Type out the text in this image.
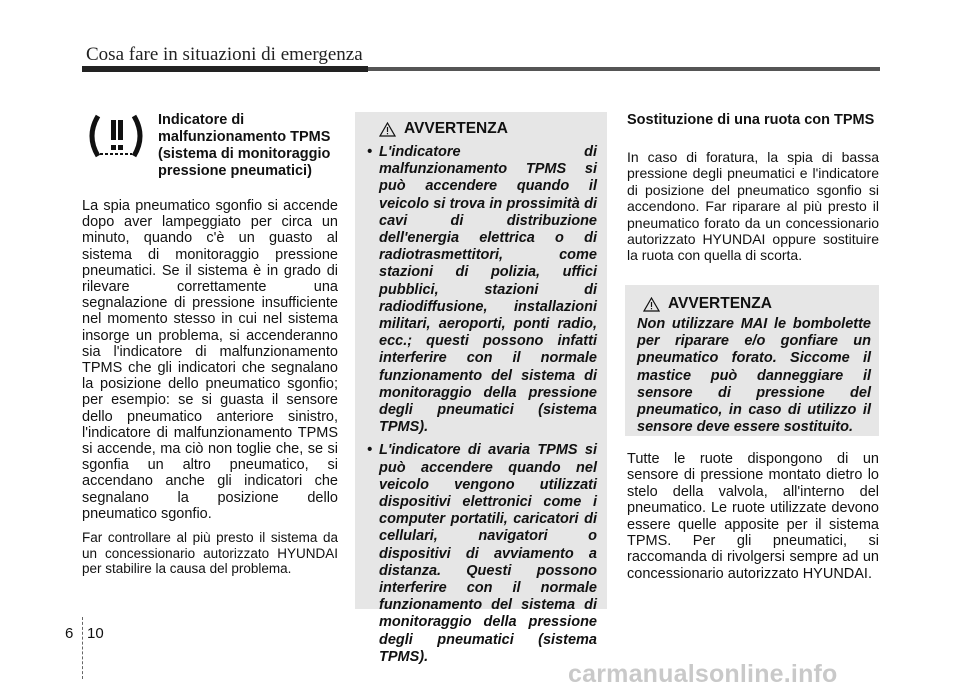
Cosa fare in situazioni di emergenza
Indicatore di malfunzionamento TPMS (sistema di monitoraggio pressione pneumatici)

La spia pneumatico sgonfio si accende dopo aver lampeggiato per circa un minuto, quando c'è un guasto al sistema di monitoraggio pressione pneumatici. Se il sistema è in grado di rilevare correttamente una segnalazione di pressione insufficiente nel momento stesso in cui nel sistema insorge un problema, si accenderanno sia l'indicatore di malfunzionamento TPMS che gli indicatori che segnalano la posizione dello pneumatico sgonfio; per esempio: se si guasta il sensore dello pneumatico anteriore sinistro, l'indicatore di malfunzionamento TPMS si accende, ma ciò non toglie che, se si sgonfia un altro pneumatico, si accendano anche gli indicatori che segnalano la posizione dello pneumatico sgonfio.

Far controllare al più presto il sistema da un concessionario autorizzato HYUNDAI per stabilire la causa del problema.

AVVERTENZA
• L'indicatore di malfunzionamento TPMS si può accendere quando il veicolo si trova in prossimità di cavi di distribuzione dell'energia elettrica o di radiotrasmettitori, come stazioni di polizia, uffici pubblici, stazioni di radiodiffusione, installazioni militari, aeroporti, ponti radio, ecc.; questi possono infatti interferire con il normale funzionamento del sistema di monitoraggio della pressione degli pneumatici (sistema TPMS).
• L'indicatore di avaria TPMS si può accendere quando nel veicolo vengono utilizzati dispositivi elettronici come i computer portatili, caricatori di cellulari, navigatori o dispositivi di avviamento a distanza. Questi possono interferire con il normale funzionamento del sistema di monitoraggio della pressione degli pneumatici (sistema TPMS).
Sostituzione di una ruota con TPMS
In caso di foratura, la spia di bassa pressione degli pneumatici e l'indicatore di posizione del pneumatico sgonfio si accendono. Far riparare al più presto il pneumatico forato da un concessionario autorizzato HYUNDAI oppure sostituire la ruota con quella di scorta.
AVVERTENZA
Non utilizzare MAI le bombolette per riparare e/o gonfiare un pneumatico forato. Siccome il mastice può danneggiare il sensore di pressione del pneumatico, in caso di utilizzo il sensore deve essere sostituito.
Tutte le ruote dispongono di un sensore di pressione montato dietro lo stelo della valvola, all'interno del pneumatico. Le ruote utilizzate devono essere quelle apposite per il sistema TPMS. Per gli pneumatici, si raccomanda di rivolgersi sempre ad un concessionario autorizzato HYUNDAI.
6 10
carmanualsonline.info
